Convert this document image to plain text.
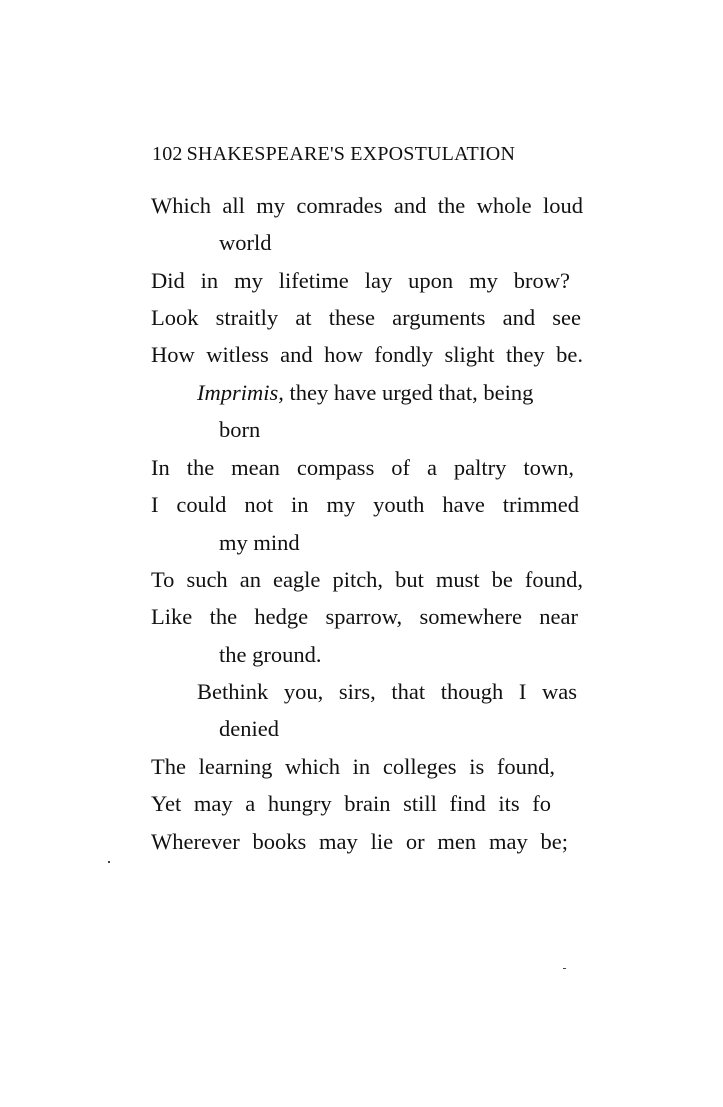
102 SHAKESPEARE'S EXPOSTULATION
Which all my comrades and the whole loud
world
Did in my lifetime lay upon my brow?
Look straitly at these arguments and see
How witless and how fondly slight they be.
Imprimis, they have urged that, being
born
In the mean compass of a paltry town,
I could not in my youth have trimmed
my mind
To such an eagle pitch, but must be found,
Like the hedge sparrow, somewhere near
the ground.
Bethink you, sirs, that though I was
denied
The learning which in colleges is found,
Yet may a hungry brain still find its fo
Wherever books may lie or men may be;
